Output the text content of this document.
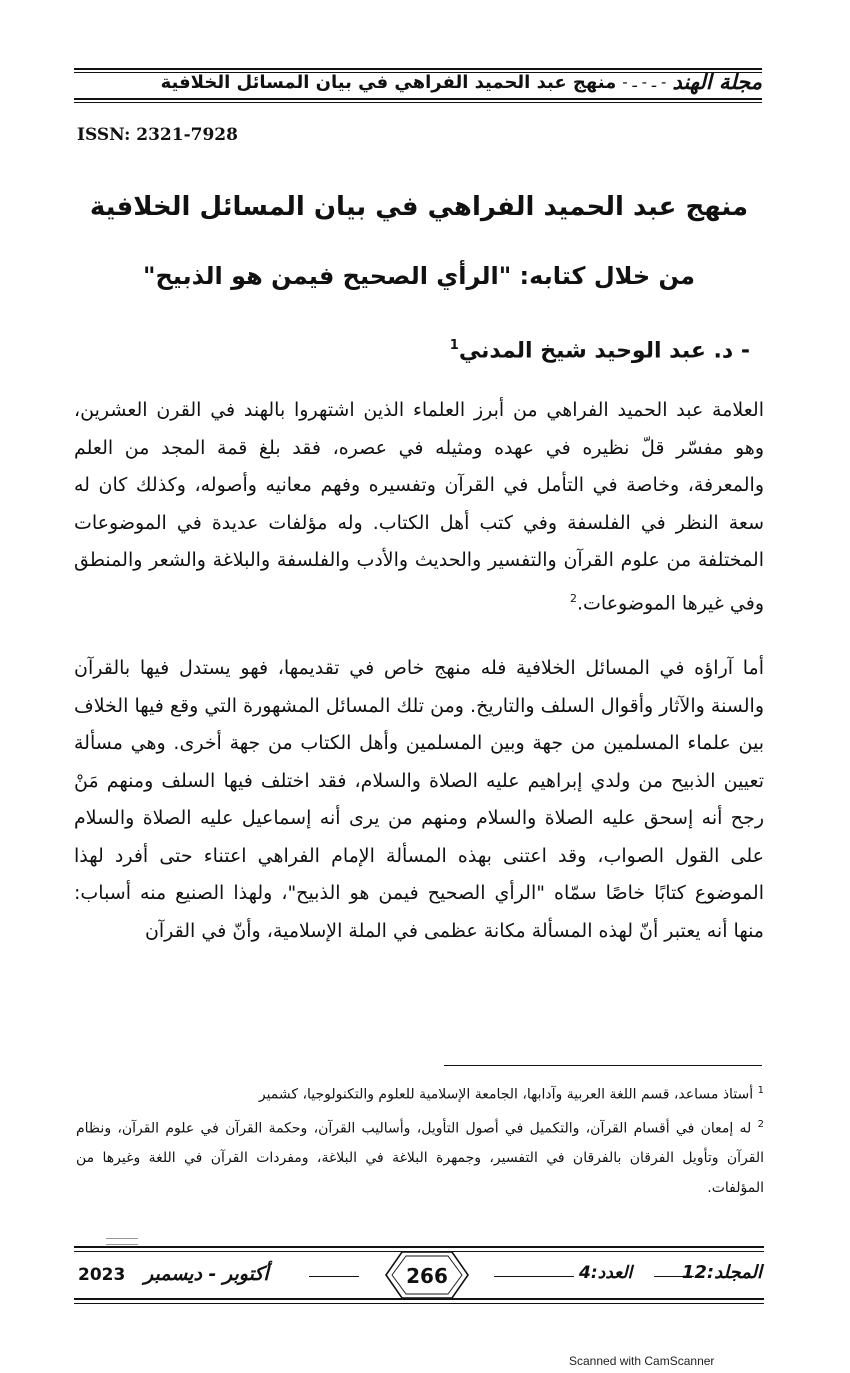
مجلة الهند
- ـ - ـ -
منهج عبد الحميد الفراهي في بيان المسائل الخلافية
ISSN: 2321-7928
منهج عبد الحميد الفراهي في بيان المسائل الخلافية
من خلال كتابه: "الرأي الصحيح فيمن هو الذبيح"
- د. عبد الوحيد شيخ المدني$^1$
العلامة عبد الحميد الفراهي من أبرز العلماء الذين اشتهروا بالهند في القرن العشرين، وهو مفسّر قلّ نظيره في عهده ومثيله في عصره، فقد بلغ قمة المجد من العلم والمعرفة، وخاصة في التأمل في القرآن وتفسيره وفهم معانيه وأصوله، وكذلك كان له سعة النظر في الفلسفة وفي كتب أهل الكتاب. وله مؤلفات عديدة في الموضوعات المختلفة من علوم القرآن والتفسير والحديث والأدب والفلسفة والبلاغة والشعر والمنطق وفي غيرها الموضوعات.$^2$
أما آراؤه في المسائل الخلافية فله منهج خاص في تقديمها، فهو يستدل فيها بالقرآن والسنة والآثار وأقوال السلف والتاريخ. ومن تلك المسائل المشهورة التي وقع فيها الخلاف بين علماء المسلمين من جهة وبين المسلمين وأهل الكتاب من جهة أخرى. وهي مسألة تعيين الذبيح من ولدي إبراهيم عليه الصلاة والسلام، فقد اختلف فيها السلف ومنهم مَنْ رجح أنه إسحق عليه الصلاة والسلام ومنهم من يرى أنه إسماعيل عليه الصلاة والسلام على القول الصواب، وقد اعتنى بهذه المسألة الإمام الفراهي اعتناء حتى أفرد لهذا الموضوع كتابًا خاصًا سمّاه "الرأي الصحيح فيمن هو الذبيح"، ولهذا الصنيع منه أسباب: منها أنه يعتبر أنّ لهذه المسألة مكانة عظمى في الملة الإسلامية، وأنّ في القرآن

$^1$ أستاذ مساعد، قسم اللغة العربية وآدابها، الجامعة الإسلامية للعلوم والتكنولوجيا، كشمير

$^2$ له إمعان في أقسام القرآن، والتكميل في أصول التأويل، وأساليب القرآن، وحكمة القرآن في علوم القرآن، ونظام القرآن وتأويل الفرقان بالفرقان في التفسير، وجمهرة البلاغة في البلاغة، ومفردات القرآن في اللغة وغيرها من المؤلفات.

2023 أكتوبر - ديسمبر	266	العدد:4	المجلد:12
Scanned with CamScanner
